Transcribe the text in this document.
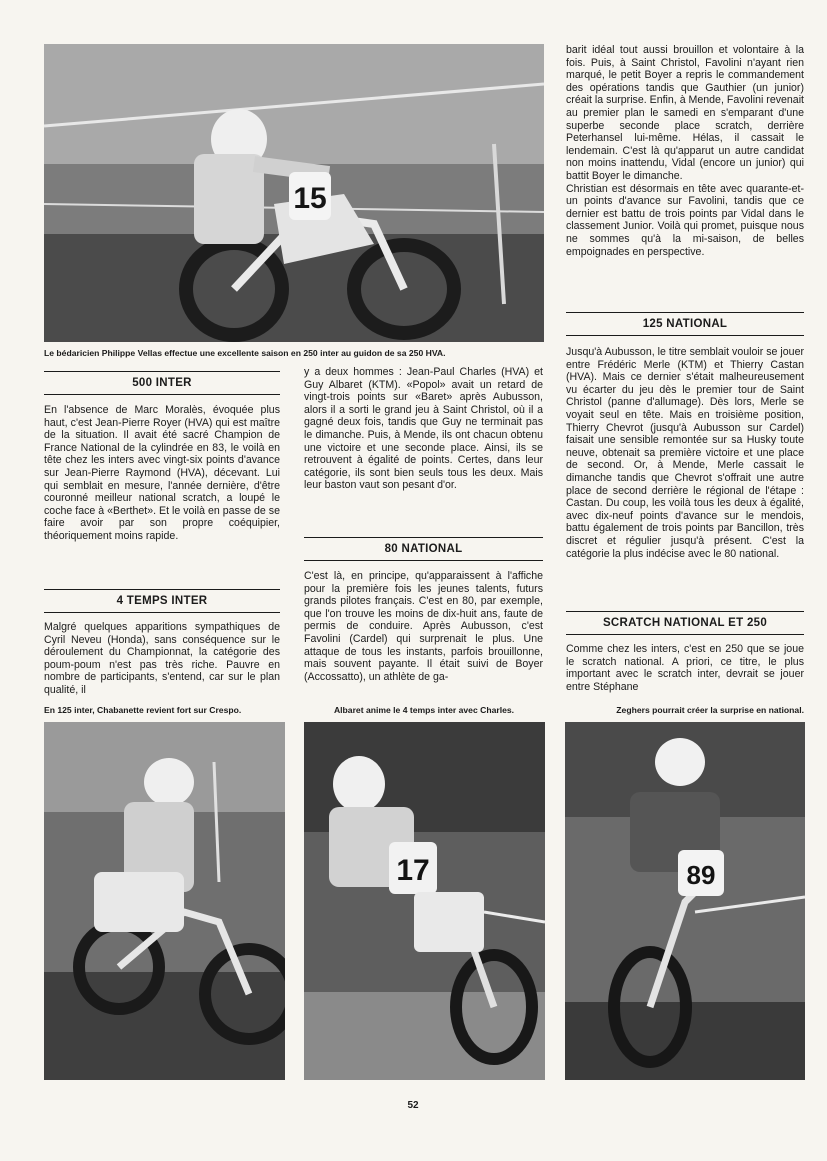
15
Le bédaricien Philippe Vellas effectue une excellente saison en 250 inter au guidon de sa 250 HVA.
500 INTER

En l'absence de Marc Moralès, évoquée plus haut, c'est Jean-Pierre Royer (HVA) qui est maître de la situation. Il avait été sacré Champion de France National de la cylindrée en 83, le voilà en tête chez les inters avec vingt-six points d'avance sur Jean-Pierre Raymond (HVA), décevant. Lui qui semblait en mesure, l'année dernière, d'être couronné meilleur national scratch, a loupé le coche face à «Berthet». Et le voilà en passe de se faire avoir par son propre coéquipier, théoriquement moins rapide.

4 TEMPS INTER

Malgré quelques apparitions sympathiques de Cyril Neveu (Honda), sans conséquence sur le déroulement du Championnat, la catégorie des poum-poum n'est pas très riche. Pauvre en nombre de participants, s'entend, car sur le plan qualité, il

y a deux hommes : Jean-Paul Charles (HVA) et Guy Albaret (KTM). «Popol» avait un retard de vingt-trois points sur «Baret» après Aubusson, alors il a sorti le grand jeu à Saint Christol, où il a gagné deux fois, tandis que Guy ne terminait pas le dimanche. Puis, à Mende, ils ont chacun obtenu une victoire et une seconde place. Ainsi, ils se retrouvent à égalité de points. Certes, dans leur catégorie, ils sont bien seuls tous les deux. Mais leur baston vaut son pesant d'or.

80 NATIONAL

C'est là, en principe, qu'apparaissent à l'affiche pour la première fois les jeunes talents, futurs grands pilotes français. C'est en 80, par exemple, que l'on trouve les moins de dix-huit ans, faute de permis de conduire. Après Aubusson, c'est Favolini (Cardel) qui surprenait le plus. Une attaque de tous les instants, parfois brouillonne, mais souvent payante. Il était suivi de Boyer (Accossatto), un athlète de ga-

barit idéal tout aussi brouillon et volontaire à la fois. Puis, à Saint Christol, Favolini n'ayant rien marqué, le petit Boyer a repris le commandement des opérations tandis que Gauthier (un junior) créait la surprise. Enfin, à Mende, Favolini revenait au premier plan le samedi en s'emparant d'une superbe seconde place scratch, derrière Peterhansel lui-même. Hélas, il cassait le lendemain. C'est là qu'apparut un autre candidat non moins inattendu, Vidal (encore un junior) qui battit Boyer le dimanche.

Christian est désormais en tête avec quarante-et-un points d'avance sur Favolini, tandis que ce dernier est battu de trois points par Vidal dans le classement Junior. Voilà qui promet, puisque nous ne sommes qu'à la mi-saison, de belles empoignades en perspective.

125 NATIONAL

Jusqu'à Aubusson, le titre semblait vouloir se jouer entre Frédéric Merle (KTM) et Thierry Castan (HVA). Mais ce dernier s'était malheureusement vu écarter du jeu dès le premier tour de Saint Christol (panne d'allumage). Dès lors, Merle se voyait seul en tête. Mais en troisième position, Thierry Chevrot (jusqu'à Aubusson sur Cardel) faisait une sensible remontée sur sa Husky toute neuve, obtenait sa première victoire et une place de second. Or, à Mende, Merle cassait le dimanche tandis que Chevrot s'offrait une autre place de second derrière le régional de l'étape : Castan. Du coup, les voilà tous les deux à égalité, avec dix-neuf points d'avance sur le mendois, battu également de trois points par Bancillon, très discret et régulier jusqu'à présent. C'est la catégorie la plus indécise avec le 80 national.

SCRATCH NATIONAL ET 250

Comme chez les inters, c'est en 250 que se joue le scratch national. A priori, ce titre, le plus important avec le scratch inter, devrait se jouer entre Stéphane

En 125 inter, Chabanette revient fort sur Crespo.	Albaret anime le 4 temps inter avec Charles.	Zeghers pourrait créer la surprise en national.
17	89
52
